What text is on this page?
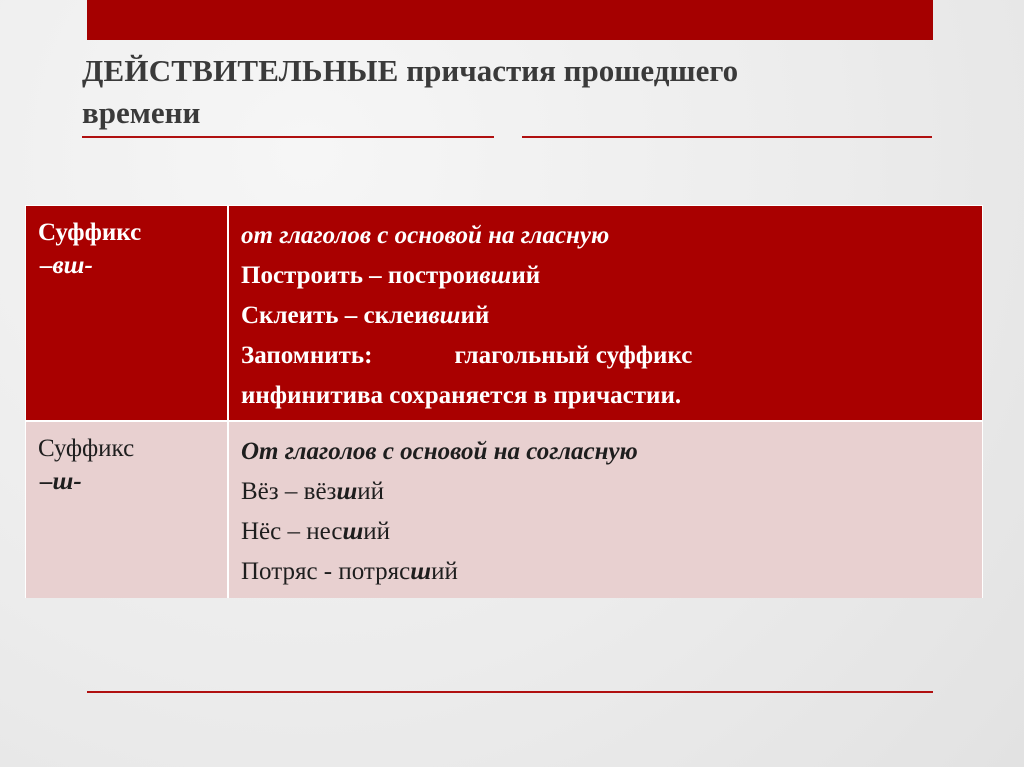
ДЕЙСТВИТЕЛЬНЫЕ причастия прошедшего
времени
Суффикс
–вш-
от глаголов с основой на гласную
Построить – построивший
Склеить – склеивший
Запомнить:	глагольный суффикс
инфинитива сохраняется в причастии.
Суффикс
–ш-
От глаголов с основой на согласную
Вёз – вёзший
Нёс – несший
Потряс - потрясший
